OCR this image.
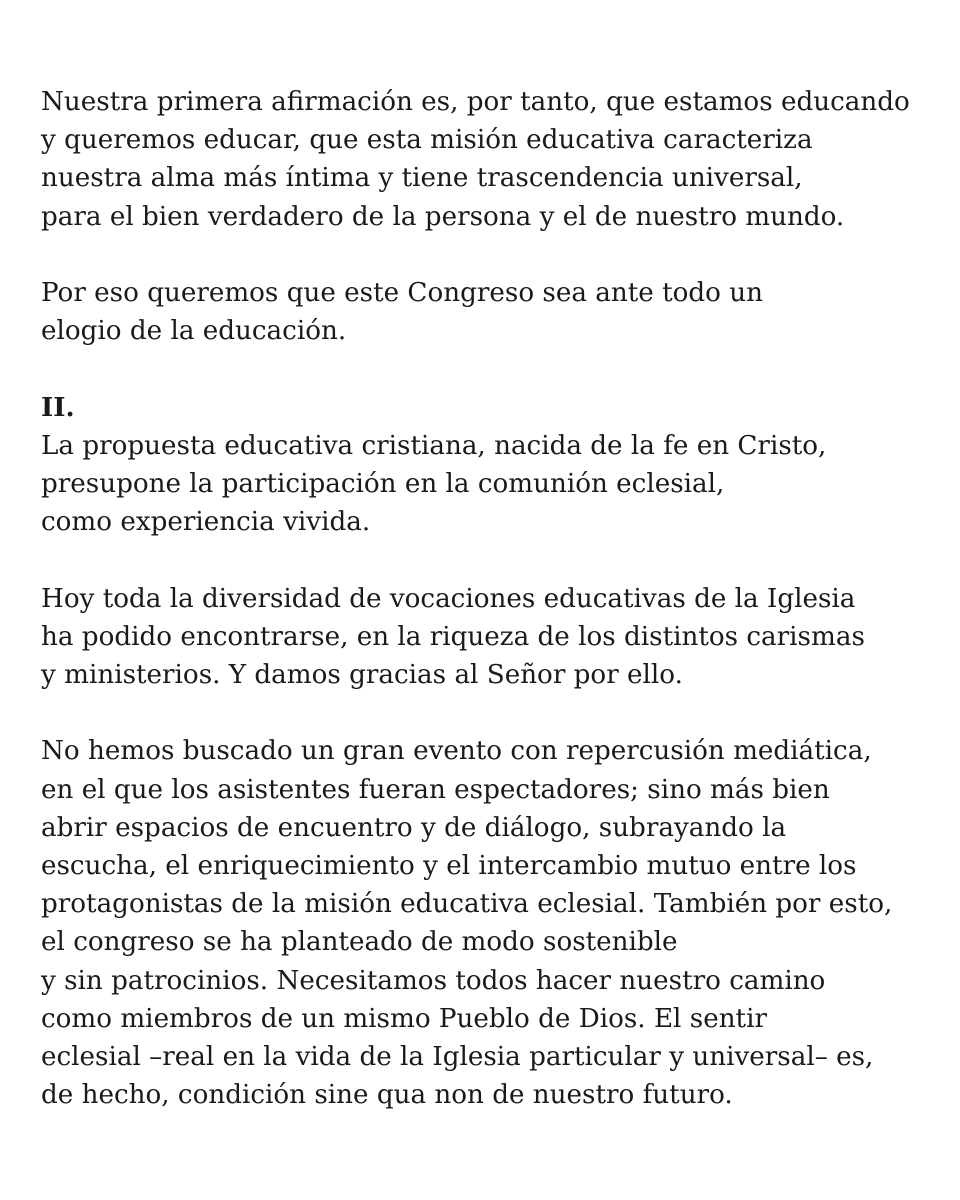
Nuestra primera afirmación es, por tanto, que estamos educando
y queremos educar, que esta misión educativa caracteriza
nuestra alma más íntima y tiene trascendencia universal,
para el bien verdadero de la persona y el de nuestro mundo.

Por eso queremos que este Congreso sea ante todo un
elogio de la educación.

II.

La propuesta educativa cristiana, nacida de la fe en Cristo,
presupone la participación en la comunión eclesial,
como experiencia vivida.

Hoy toda la diversidad de vocaciones educativas de la Iglesia
ha podido encontrarse, en la riqueza de los distintos carismas
y ministerios. Y damos gracias al Señor por ello.

No hemos buscado un gran evento con repercusión mediática,
en el que los asistentes fueran espectadores; sino más bien
abrir espacios de encuentro y de diálogo, subrayando la
escucha, el enriquecimiento y el intercambio mutuo entre los
protagonistas de la misión educativa eclesial. También por esto,
el congreso se ha planteado de modo sostenible
y sin patrocinios. Necesitamos todos hacer nuestro camino
como miembros de un mismo Pueblo de Dios. El sentir
eclesial –real en la vida de la Iglesia particular y universal– es,
de hecho, condición sine qua non de nuestro futuro.
